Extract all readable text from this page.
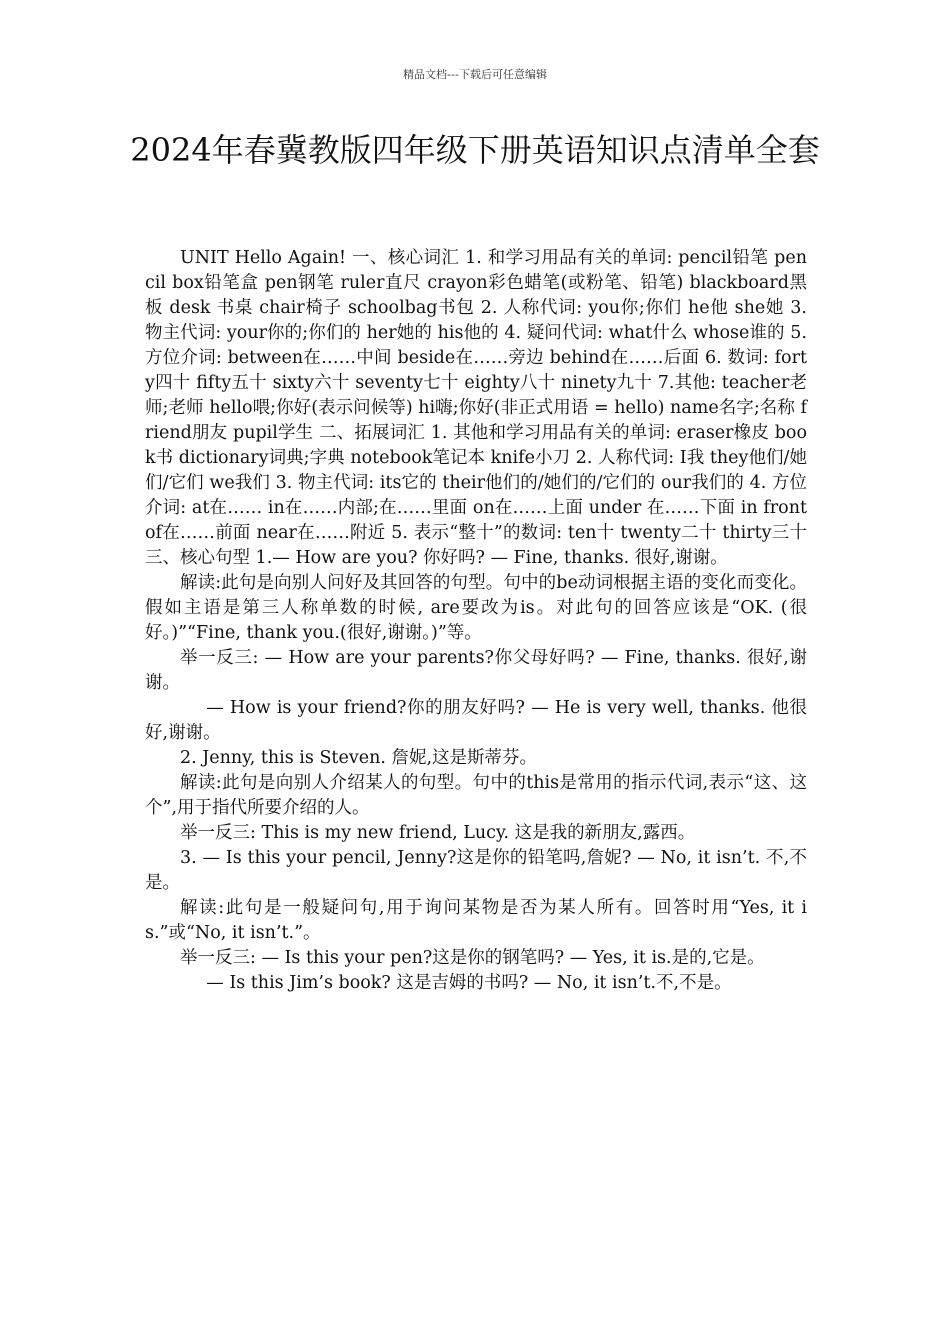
精品文档---下载后可任意编辑
2024年春冀教版四年级下册英语知识点清单全套

UNIT Hello Again! 一、核心词汇 1. 和学习用品有关的单词: pencil铅笔 pencil box铅笔盒 pen钢笔 ruler直尺 crayon彩色蜡笔(或粉笔、铅笔) blackboard黑板 desk 书桌 chair椅子 schoolbag书包 2. 人称代词: you你;你们 he他 she她 3. 物主代词: your你的;你们的 her她的 his他的 4. 疑问代词: what什么 whose谁的 5. 方位介词: between在……中间 beside在……旁边 behind在……后面 6. 数词: forty四十 fifty五十 sixty六十 seventy七十 eighty八十 ninety九十 7.其他: teacher老师;老师 hello喂;你好(表示问候等) hi嗨;你好(非正式用语 = hello) name名字;名称 friend朋友 pupil学生 二、拓展词汇 1. 其他和学习用品有关的单词: eraser橡皮 book书 dictionary词典;字典 notebook笔记本 knife小刀 2. 人称代词: I我 they他们/她们/它们 we我们 3. 物主代词: its它的 their他们的/她们的/它们的 our我们的 4. 方位介词: at在…… in在……内部;在……里面 on在……上面 under 在……下面 in front of在……前面 near在……附近 5. 表示“整十”的数词: ten十 twenty二十 thirty三十 三、核心句型 1.— How are you? 你好吗? — Fine, thanks. 很好,谢谢。

解读:此句是向别人问好及其回答的句型。句中的be动词根据主语的变化而变化。假如主语是第三人称单数的时候, are要改为is。对此句的回答应该是“OK. (很好。)”“Fine, thank you.(很好,谢谢。)”等。

举一反三: — How are your parents?你父母好吗? — Fine, thanks. 很好,谢谢。

— How is your friend?你的朋友好吗? — He is very well, thanks. 他很好,谢谢。

2. Jenny, this is Steven. 詹妮,这是斯蒂芬。

解读:此句是向别人介绍某人的句型。句中的this是常用的指示代词,表示“这、这个”,用于指代所要介绍的人。

举一反三: This is my new friend, Lucy. 这是我的新朋友,露西。

3. — Is this your pencil, Jenny?这是你的铅笔吗,詹妮? — No, it isn’t. 不,不是。

解读:此句是一般疑问句,用于询问某物是否为某人所有。回答时用“Yes, it is.”或“No, it isn’t.”。

举一反三: — Is this your pen?这是你的钢笔吗? — Yes, it is.是的,它是。

— Is this Jim’s book? 这是吉姆的书吗? — No, it isn’t.不,不是。
